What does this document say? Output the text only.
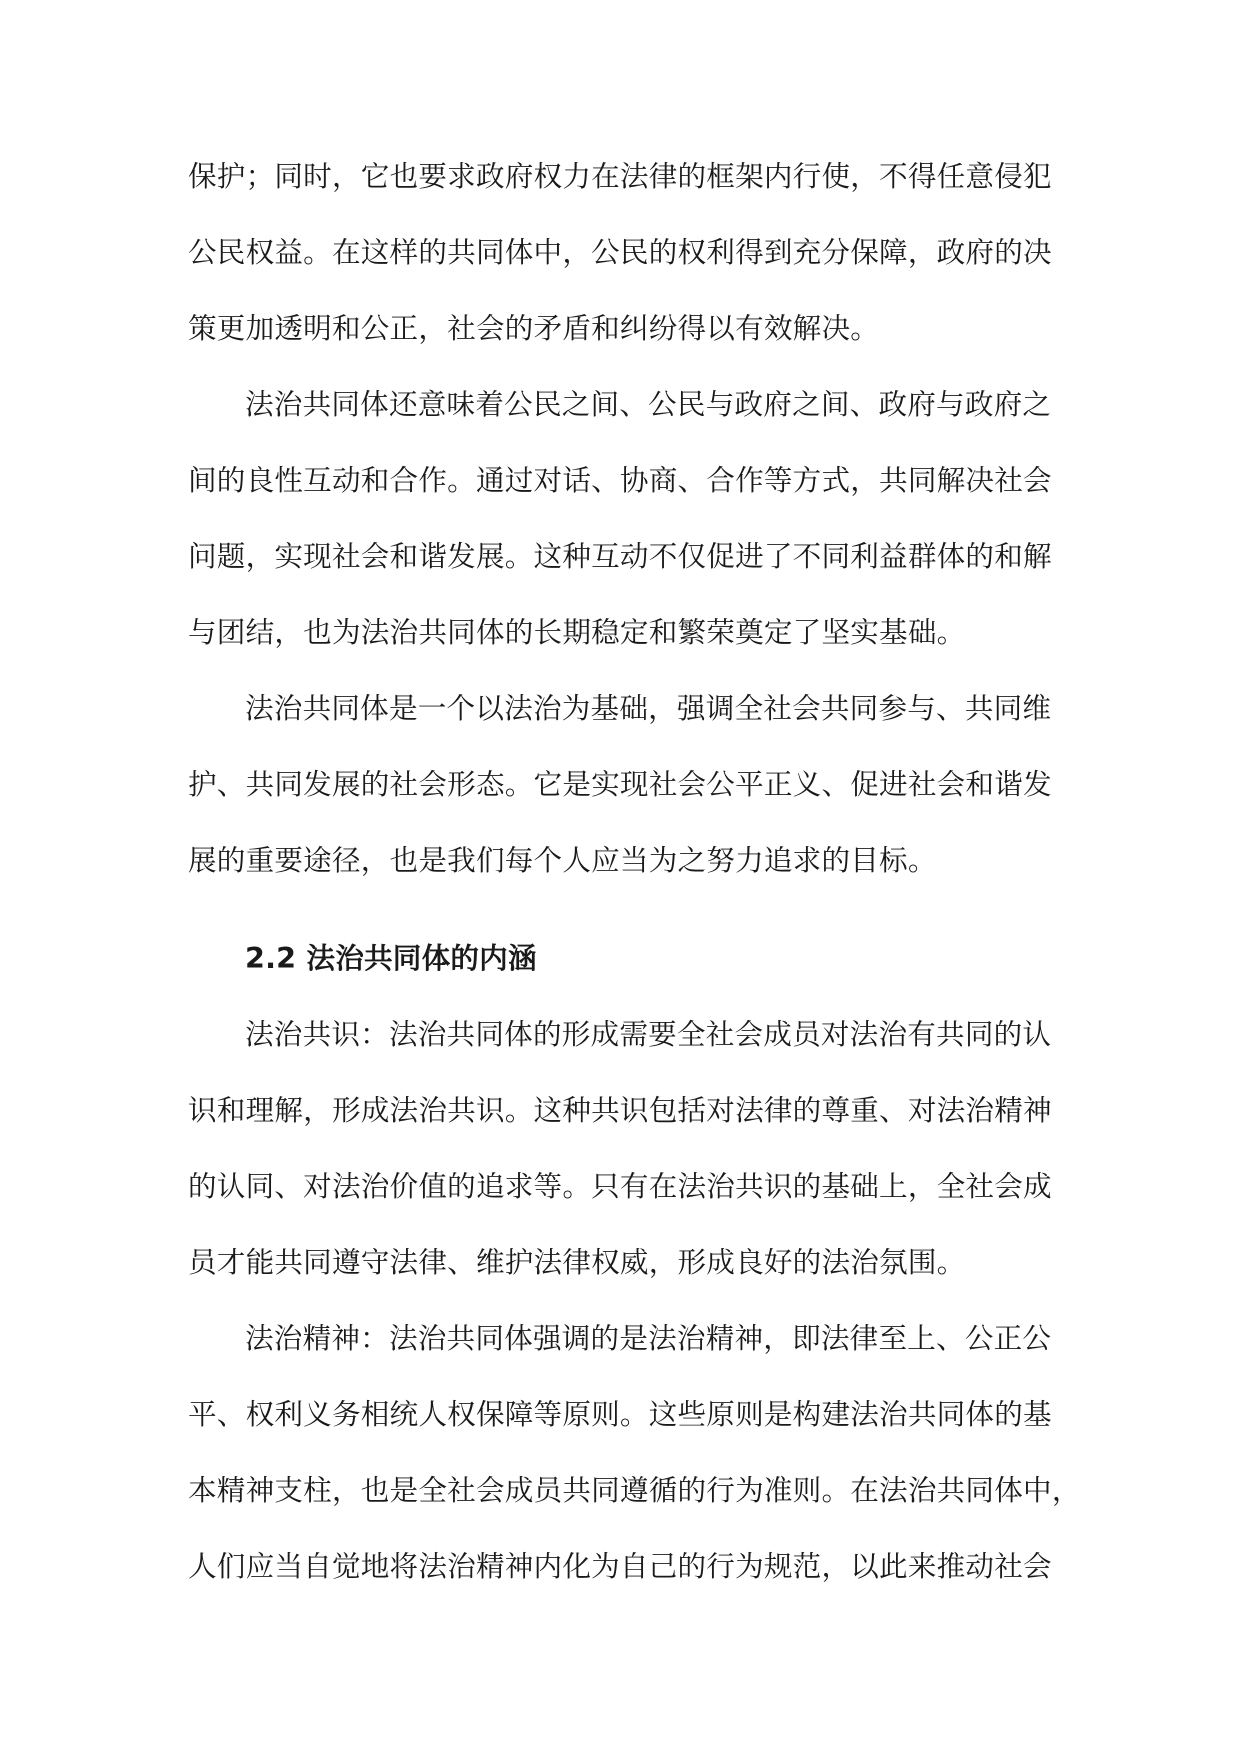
保护；同时，它也要求政府权力在法律的框架内行使，不得任意侵犯
公民权益。在这样的共同体中，公民的权利得到充分保障，政府的决
策更加透明和公正，社会的矛盾和纠纷得以有效解决。
法治共同体还意味着公民之间、公民与政府之间、政府与政府之
间的良性互动和合作。通过对话、协商、合作等方式，共同解决社会
问题，实现社会和谐发展。这种互动不仅促进了不同利益群体的和解
与团结，也为法治共同体的长期稳定和繁荣奠定了坚实基础。
法治共同体是一个以法治为基础，强调全社会共同参与、共同维
护、共同发展的社会形态。它是实现社会公平正义、促进社会和谐发
展的重要途径，也是我们每个人应当为之努力追求的目标。
2.2 法治共同体的内涵
法治共识：法治共同体的形成需要全社会成员对法治有共同的认
识和理解，形成法治共识。这种共识包括对法律的尊重、对法治精神
的认同、对法治价值的追求等。只有在法治共识的基础上，全社会成
员才能共同遵守法律、维护法律权威，形成良好的法治氛围。
法治精神：法治共同体强调的是法治精神，即法律至上、公正公
平、权利义务相统人权保障等原则。这些原则是构建法治共同体的基
本精神支柱，也是全社会成员共同遵循的行为准则。在法治共同体中，
人们应当自觉地将法治精神内化为自己的行为规范，以此来推动社会
